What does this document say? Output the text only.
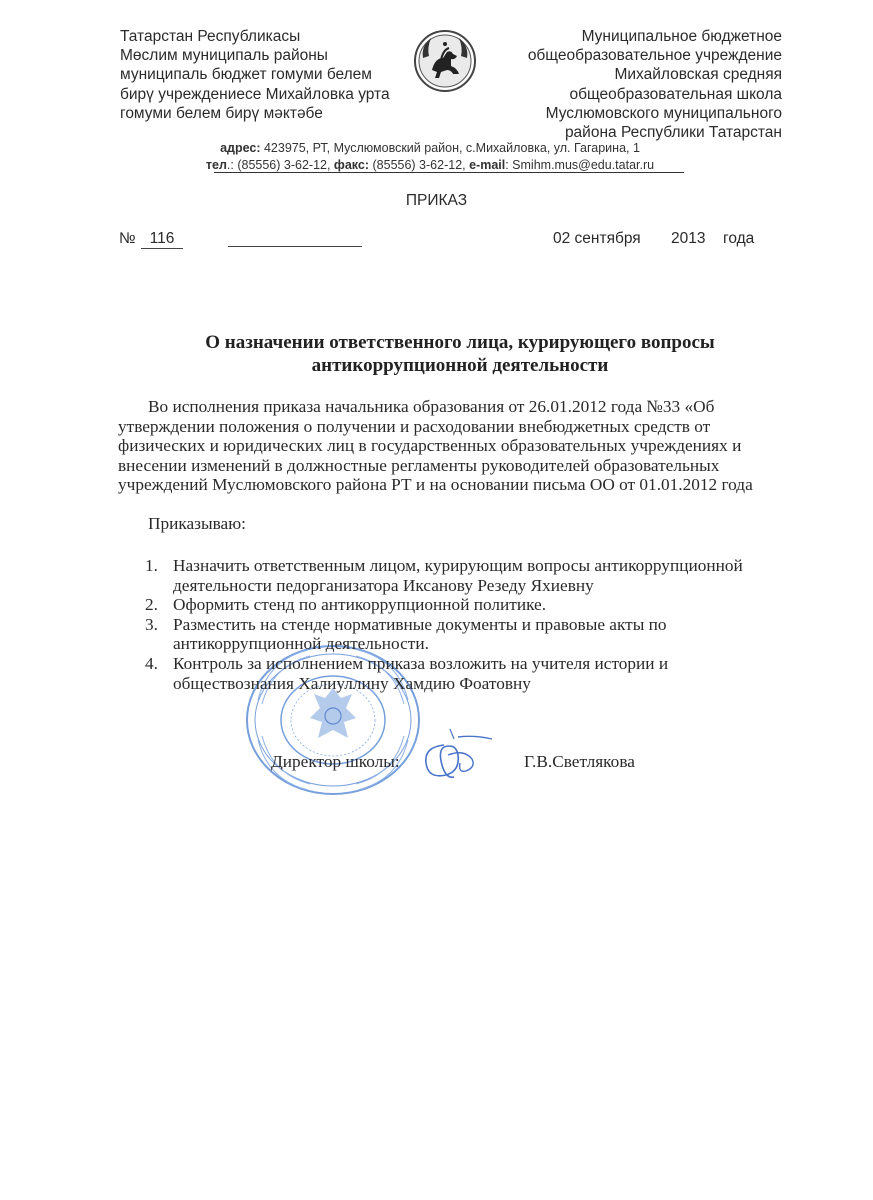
Татарстан Республикасы
Мөслим муниципаль районы
муниципаль бюджет гомуми белем
бирү учреждениесе Михайловка урта
гомуми белем бирү мәктәбе
Муниципальное бюджетное
общеобразовательное учреждение
Михайловская средняя
общеобразовательная школа
Муслюмовского муниципального
района Республики Татарстан
адрес: 423975, РТ, Муслюмовский район, с.Михайловка, ул. Гагарина, 1
тел.: (85556) 3-62-12, факс: (85556) 3-62-12, e-mail: Smihm.mus@edu.tatar.ru
ПРИКАЗ
№ 116	02 сентября 2013 года
О назначении ответственного лица, курирующего вопросы
антикоррупционной деятельности
Во исполнения приказа начальника образования от 26.01.2012 года №33 «Об
утверждении положения о получении и расходовании внебюджетных средств от
физических и юридических лиц в государственных образовательных учреждениях и
внесении изменений в должностные регламенты руководителей образовательных
учреждений Муслюмовского района РТ и на основании письма ОО от 01.01.2012 года
Приказываю:
1. Назначить ответственным лицом, курирующим вопросы антикоррупционной
деятельности педорганизатора Иксанову Резеду Яхиевну
2. Оформить стенд по антикоррупционной политике.
3. Разместить на стенде нормативные документы и правовые акты по
антикоррупционной деятельности.
4. Контроль за исполнением приказа возложить на учителя истории и
обществознания Халиуллину Хамдию Фоатовну
Директор школы:	Г.В.Светлякова
